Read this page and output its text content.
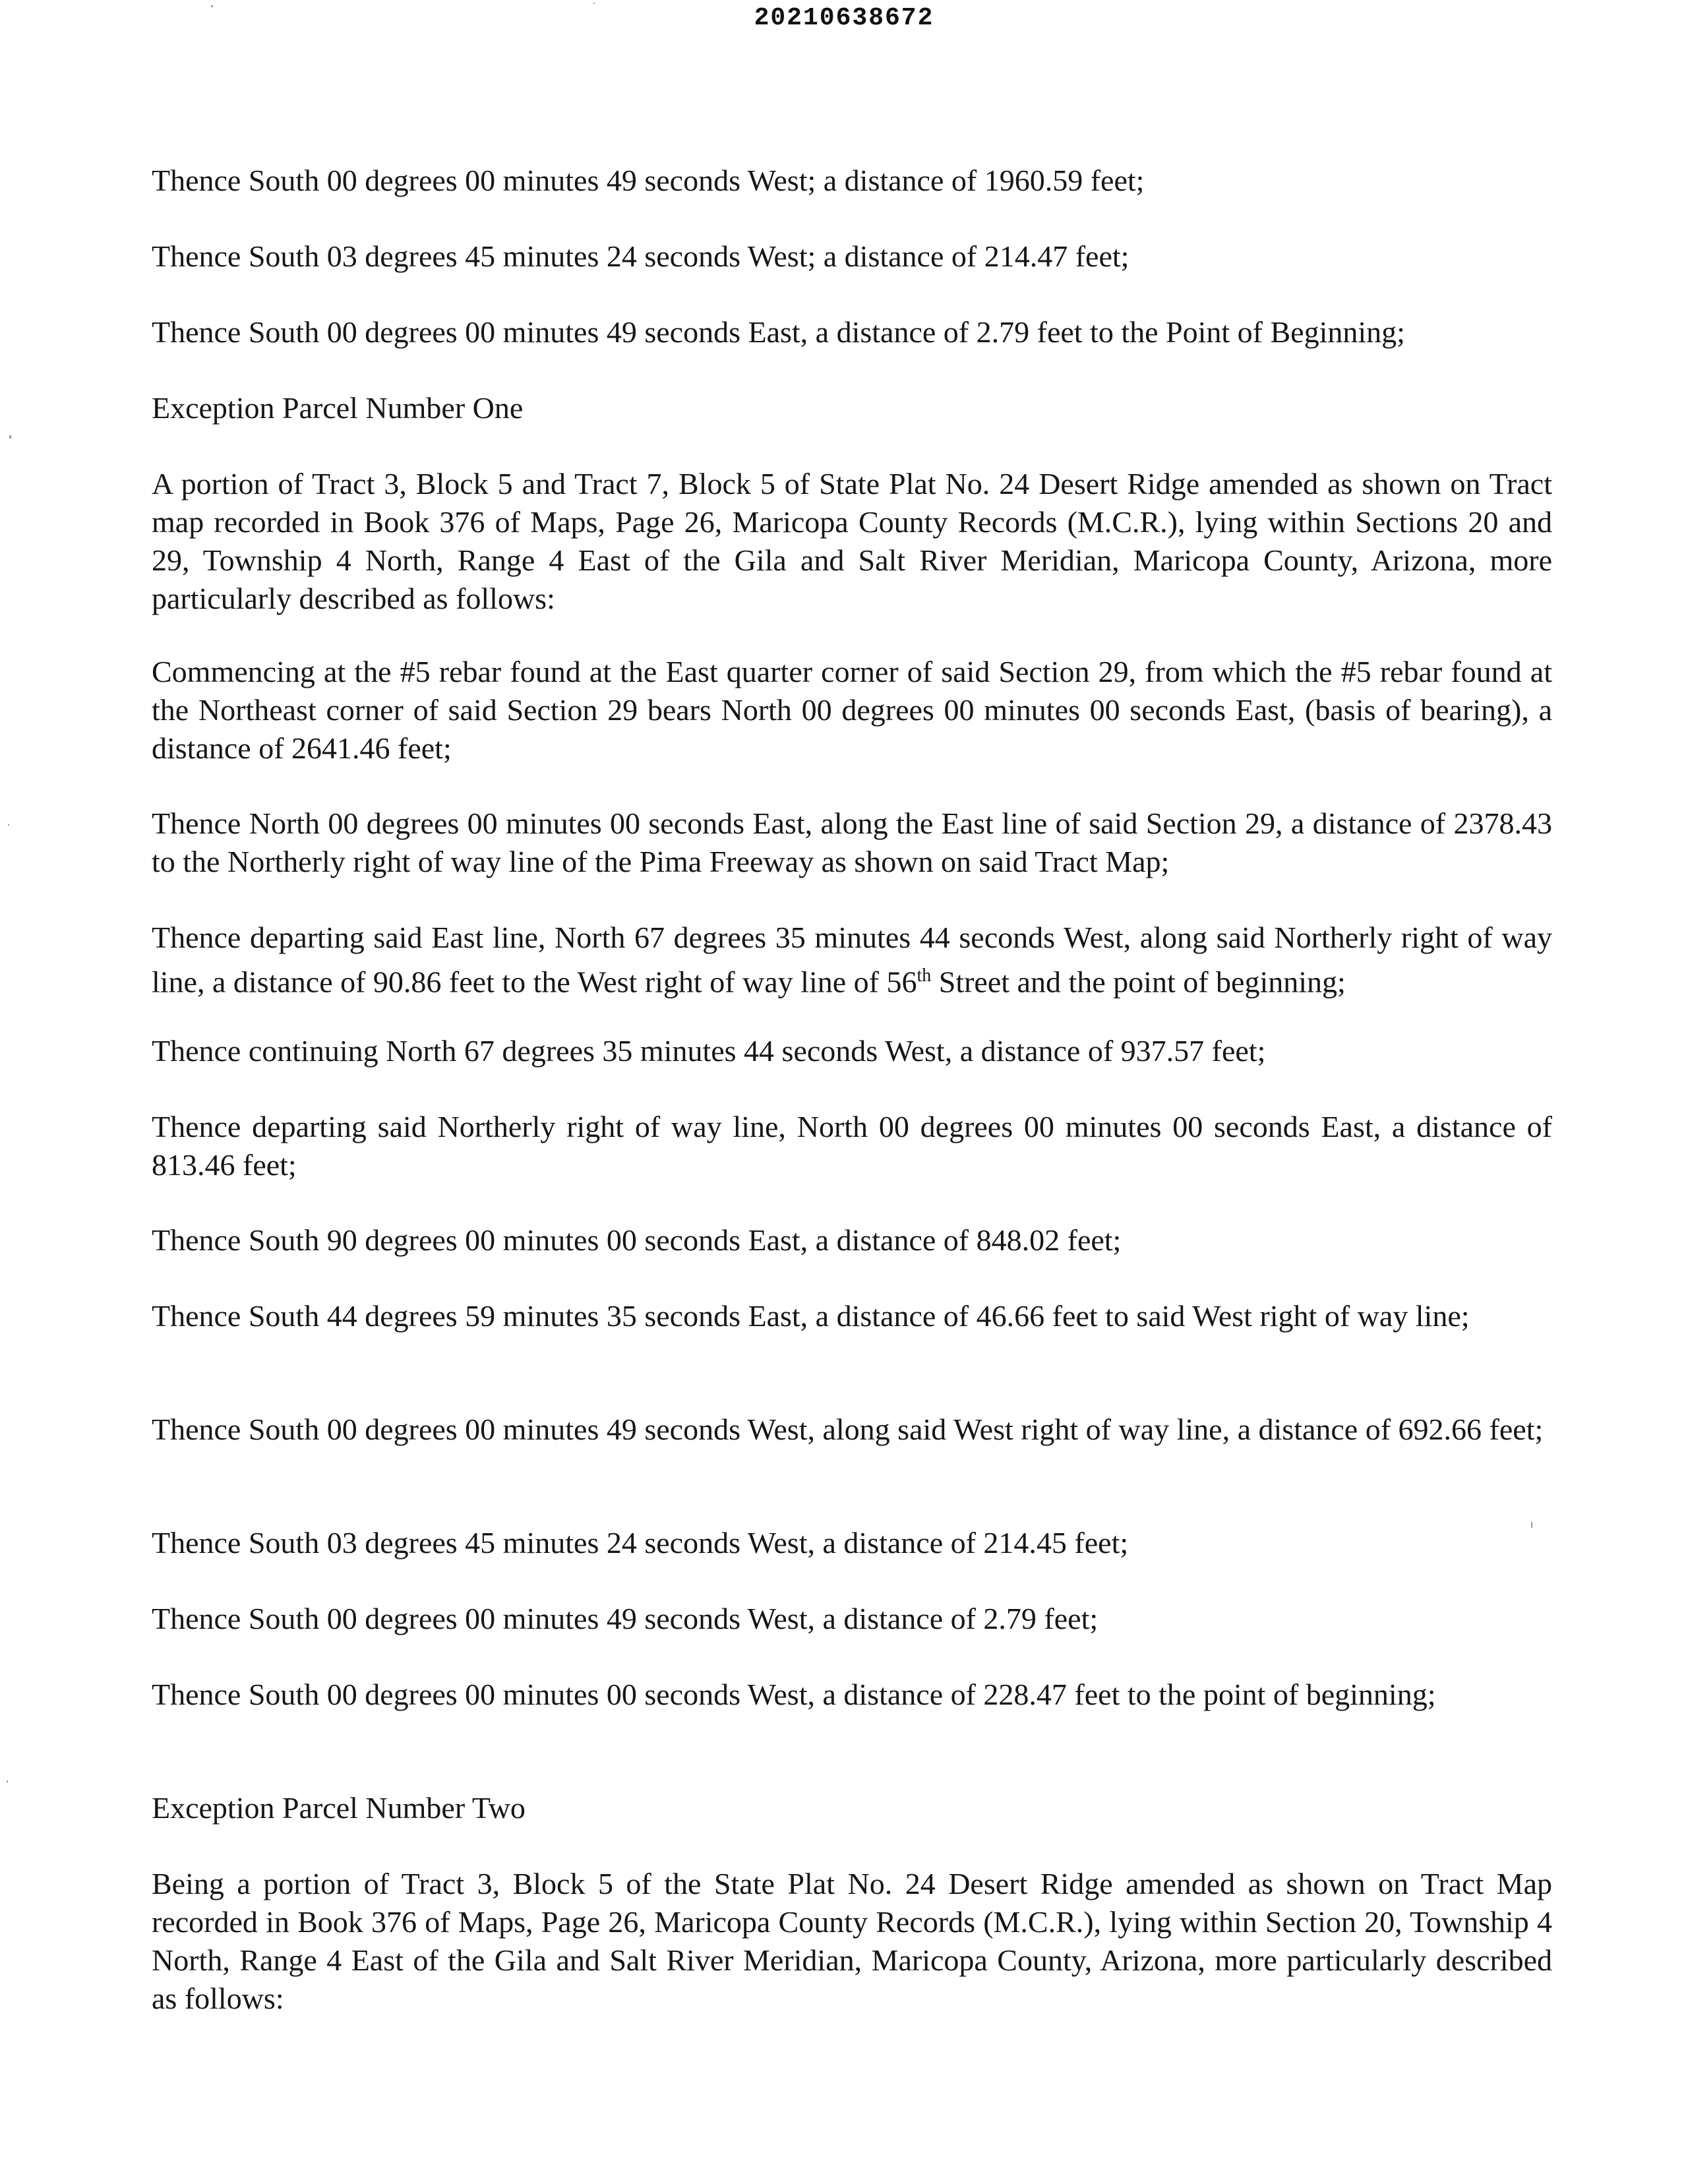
20210638672

Thence South 00 degrees 00 minutes 49 seconds West; a distance of 1960.59 feet;

Thence South 03 degrees 45 minutes 24 seconds West; a distance of 214.47 feet;

Thence South 00 degrees 00 minutes 49 seconds East, a distance of 2.79 feet to the Point of Beginning;

Exception Parcel Number One

A portion of Tract 3, Block 5 and Tract 7, Block 5 of State Plat No. 24 Desert Ridge amended as shown on Tract map recorded in Book 376 of Maps, Page 26, Maricopa County Records (M.C.R.), lying within Sections 20 and 29, Township 4 North, Range 4 East of the Gila and Salt River Meridian, Maricopa County, Arizona, more particularly described as follows:

Commencing at the #5 rebar found at the East quarter corner of said Section 29, from which the #5 rebar found at the Northeast corner of said Section 29 bears North 00 degrees 00 minutes 00 seconds East, (basis of bearing), a distance of 2641.46 feet;

Thence North 00 degrees 00 minutes 00 seconds East, along the East line of said Section 29, a distance of 2378.43 to the Northerly right of way line of the Pima Freeway as shown on said Tract Map;

Thence departing said East line, North 67 degrees 35 minutes 44 seconds West, along said Northerly right of way line, a distance of 90.86 feet to the West right of way line of 56th Street and the point of beginning;

Thence continuing North 67 degrees 35 minutes 44 seconds West, a distance of 937.57 feet;

Thence departing said Northerly right of way line, North 00 degrees 00 minutes 00 seconds East, a distance of 813.46 feet;

Thence South 90 degrees 00 minutes 00 seconds East, a distance of 848.02 feet;

Thence South 44 degrees 59 minutes 35 seconds East, a distance of 46.66 feet to said West right of way line;

Thence South 00 degrees 00 minutes 49 seconds West, along said West right of way line, a distance of 692.66 feet;

Thence South 03 degrees 45 minutes 24 seconds West, a distance of 214.45 feet;

Thence South 00 degrees 00 minutes 49 seconds West, a distance of 2.79 feet;

Thence South 00 degrees 00 minutes 00 seconds West, a distance of 228.47 feet to the point of beginning;

Exception Parcel Number Two

Being a portion of Tract 3, Block 5 of the State Plat No. 24 Desert Ridge amended as shown on Tract Map recorded in Book 376 of Maps, Page 26, Maricopa County Records (M.C.R.), lying within Section 20, Township 4 North, Range 4 East of the Gila and Salt River Meridian, Maricopa County, Arizona, more particularly described as follows:
